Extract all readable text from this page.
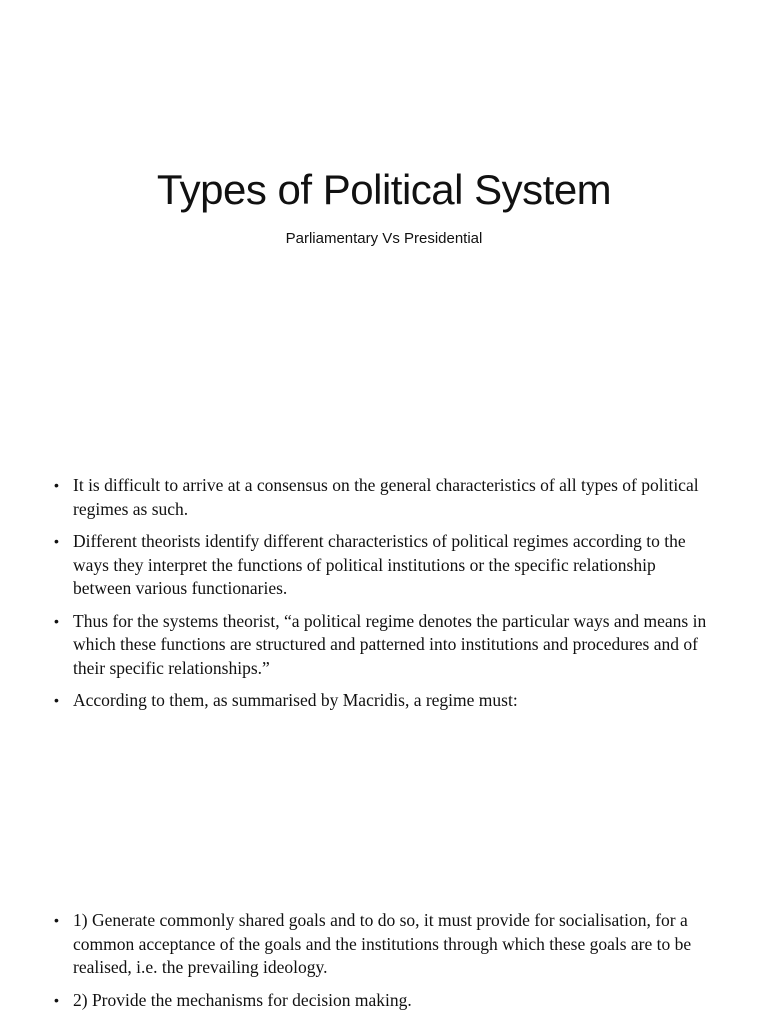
Types of Political System

Parliamentary Vs Presidential

• It is difficult to arrive at a consensus on the general characteristics of all types of political regimes as such.
• Different theorists identify different characteristics of political regimes according to the ways they interpret the functions of political institutions or the specific relationship between various functionaries.
• Thus for the systems theorist, “a political regime denotes the particular ways and means in which these functions are structured and patterned into institutions and procedures and of their specific relationships.”
• According to them, as summarised by Macridis, a regime must:
• 1) Generate commonly shared goals and to do so, it must provide for socialisation, for a common acceptance of the goals and the institutions through which these goals are to be realised, i.e. the prevailing ideology.
• 2) Provide the mechanisms for decision making.
